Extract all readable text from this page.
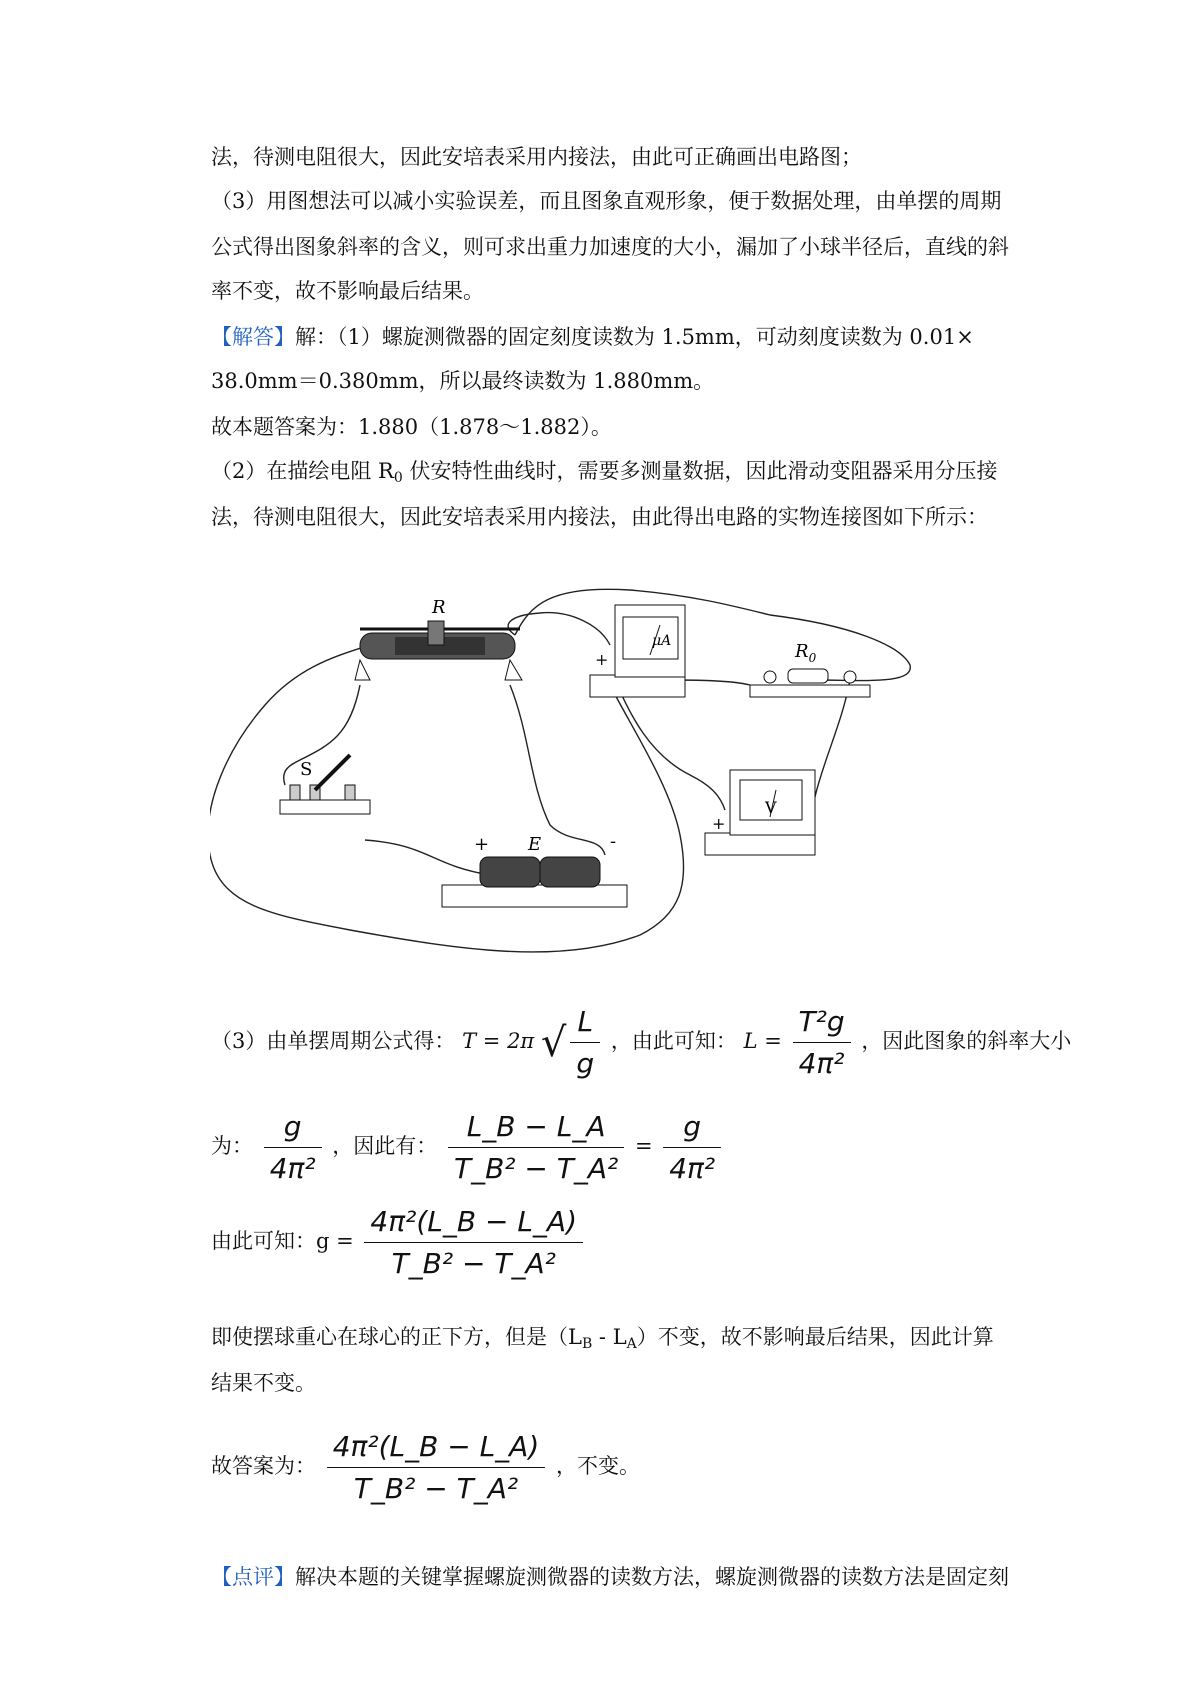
法，待测电阻很大，因此安培表采用内接法，由此可正确画出电路图；
（3）用图想法可以减小实验误差，而且图象直观形象，便于数据处理，由单摆的周期
公式得出图象斜率的含义，则可求出重力加速度的大小，漏加了小球半径后，直线的斜
率不变，故不影响最后结果。
【解答】解：（1）螺旋测微器的固定刻度读数为 1.5mm，可动刻度读数为 0.01×
38.0mm＝0.380mm，所以最终读数为 1.880mm。
故本题答案为：1.880（1.878～1.882）。
（2）在描绘电阻 $R_0$ 伏安特性曲线时，需要多测量数据，因此滑动变阻器采用分压接
法，待测电阻很大，因此安培表采用内接法，由此得出电路的实物连接图如下所示：
R
S
+ E	-
μA
+	$R_0$
V
+
（3）由单摆周期公式得： T = 2π √ $\frac{L}{g}$ ，由此可知： $L = \frac{\text{T²g}}{\text{4π²}}$ ，因此图象的斜率大小
为： $\frac{g}{\text{4π²}}$ ，因此有： $\frac{L\_B - L\_A}{\text{T\_B² − T\_A²}} = \frac{g}{\text{4π²}}$
由此可知：$g = \frac{\text{4π²(L\_B − L\_A)}}{\text{T\_B² − T\_A²}}$
即使摆球重心在球心的正下方，但是$(L_B - L_A)$不变，故不影响最后结果，因此计算
结果不变。
故答案为： $\frac{\text{4π²(L\_B − L\_A)}}{\text{T\_B² − T\_A²}}$ ，不变。
【点评】解决本题的关键掌握螺旋测微器的读数方法，螺旋测微器的读数方法是固定刻
